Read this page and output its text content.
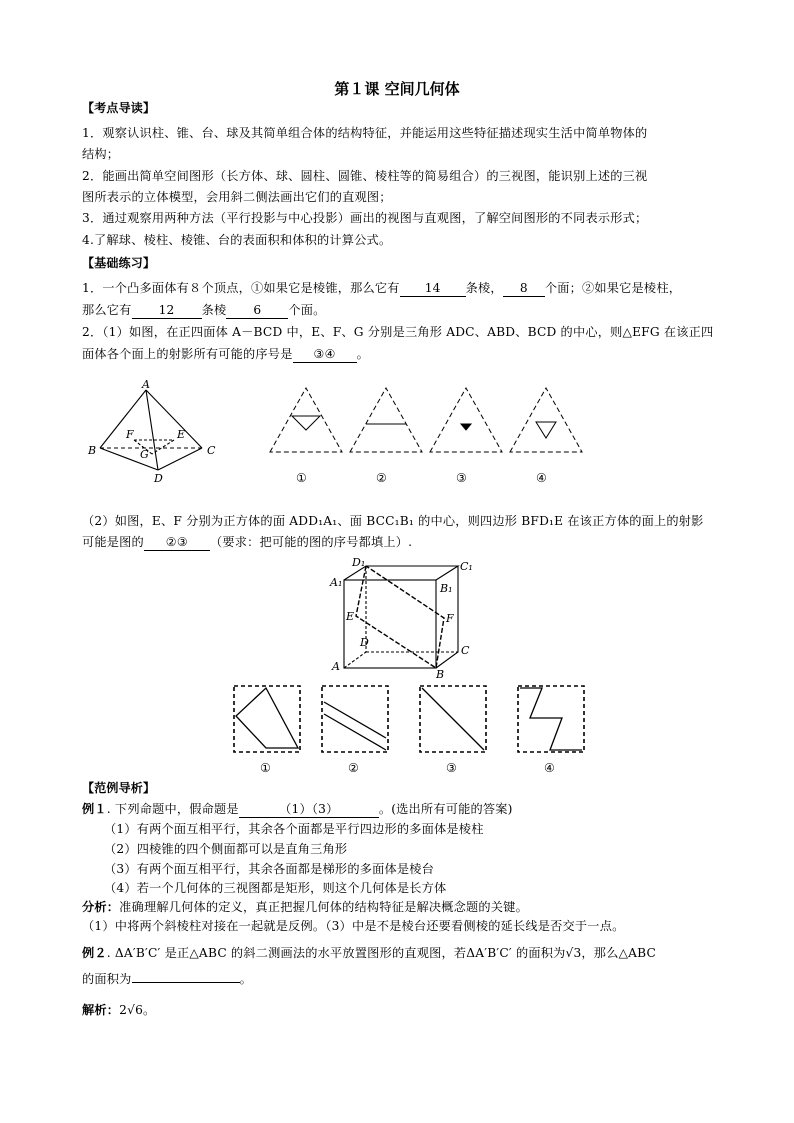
第１课 空间几何体
【考点导读】
1．观察认识柱、锥、台、球及其简单组合体的结构特征，并能运用这些特征描述现实生活中简单物体的
结构；
2．能画出简单空间图形（长方体、球、圆柱、圆锥、棱柱等的简易组合）的三视图，能识别上述的三视
图所表示的立体模型，会用斜二侧法画出它们的直观图；
3．通过观察用两种方法（平行投影与中心投影）画出的视图与直观图，了解空间图形的不同表示形式；
4.了解球、棱柱、棱锥、台的表面积和体积的计算公式。
【基础练习】
1．一个凸多面体有８个顶点，①如果它是棱锥，那么它有 14 条棱， 8 个面；②如果它是棱柱，
那么它有 12 条棱 6 个面。
2．（1）如图，在正四面体 A－BCD 中，E、F、G 分别是三角形 ADC、ABD、BCD 的中心，则△EFG 在该正四
面体各个面上的射影所有可能的序号是 ③④ 。
A
B	C
D
E
F
G
①	②	③	④
（2）如图，E、F 分别为正方体的面 ADD₁A₁、面 BCC₁B₁ 的中心，则四边形 BFD₁E 在该正方体的面上的射影
可能是图的 ②③ （要求：把可能的图的序号都填上）.
D₁	C₁
A₁	B₁
E	F
D
C
A
B
①	②	③	④
【范例导析】
例１. 下列命题中，假命题是	（1）（3）	。(选出所有可能的答案)
（1）有两个面互相平行，其余各个面都是平行四边形的多面体是棱柱
（2）四棱锥的四个侧面都可以是直角三角形
（3）有两个面互相平行，其余各面都是梯形的多面体是棱台
（4）若一个几何体的三视图都是矩形，则这个几何体是长方体
分析：准确理解几何体的定义，真正把握几何体的结构特征是解决概念题的关键。
（1）中将两个斜棱柱对接在一起就是反例。（3）中是不是棱台还要看侧棱的延长线是否交于一点。
例２. ΔA′B′C′ 是正△ABC 的斜二测画法的水平放置图形的直观图，若ΔA′B′C′ 的面积为√3，那么△ABC
的面积为	。
解析：2√6。
